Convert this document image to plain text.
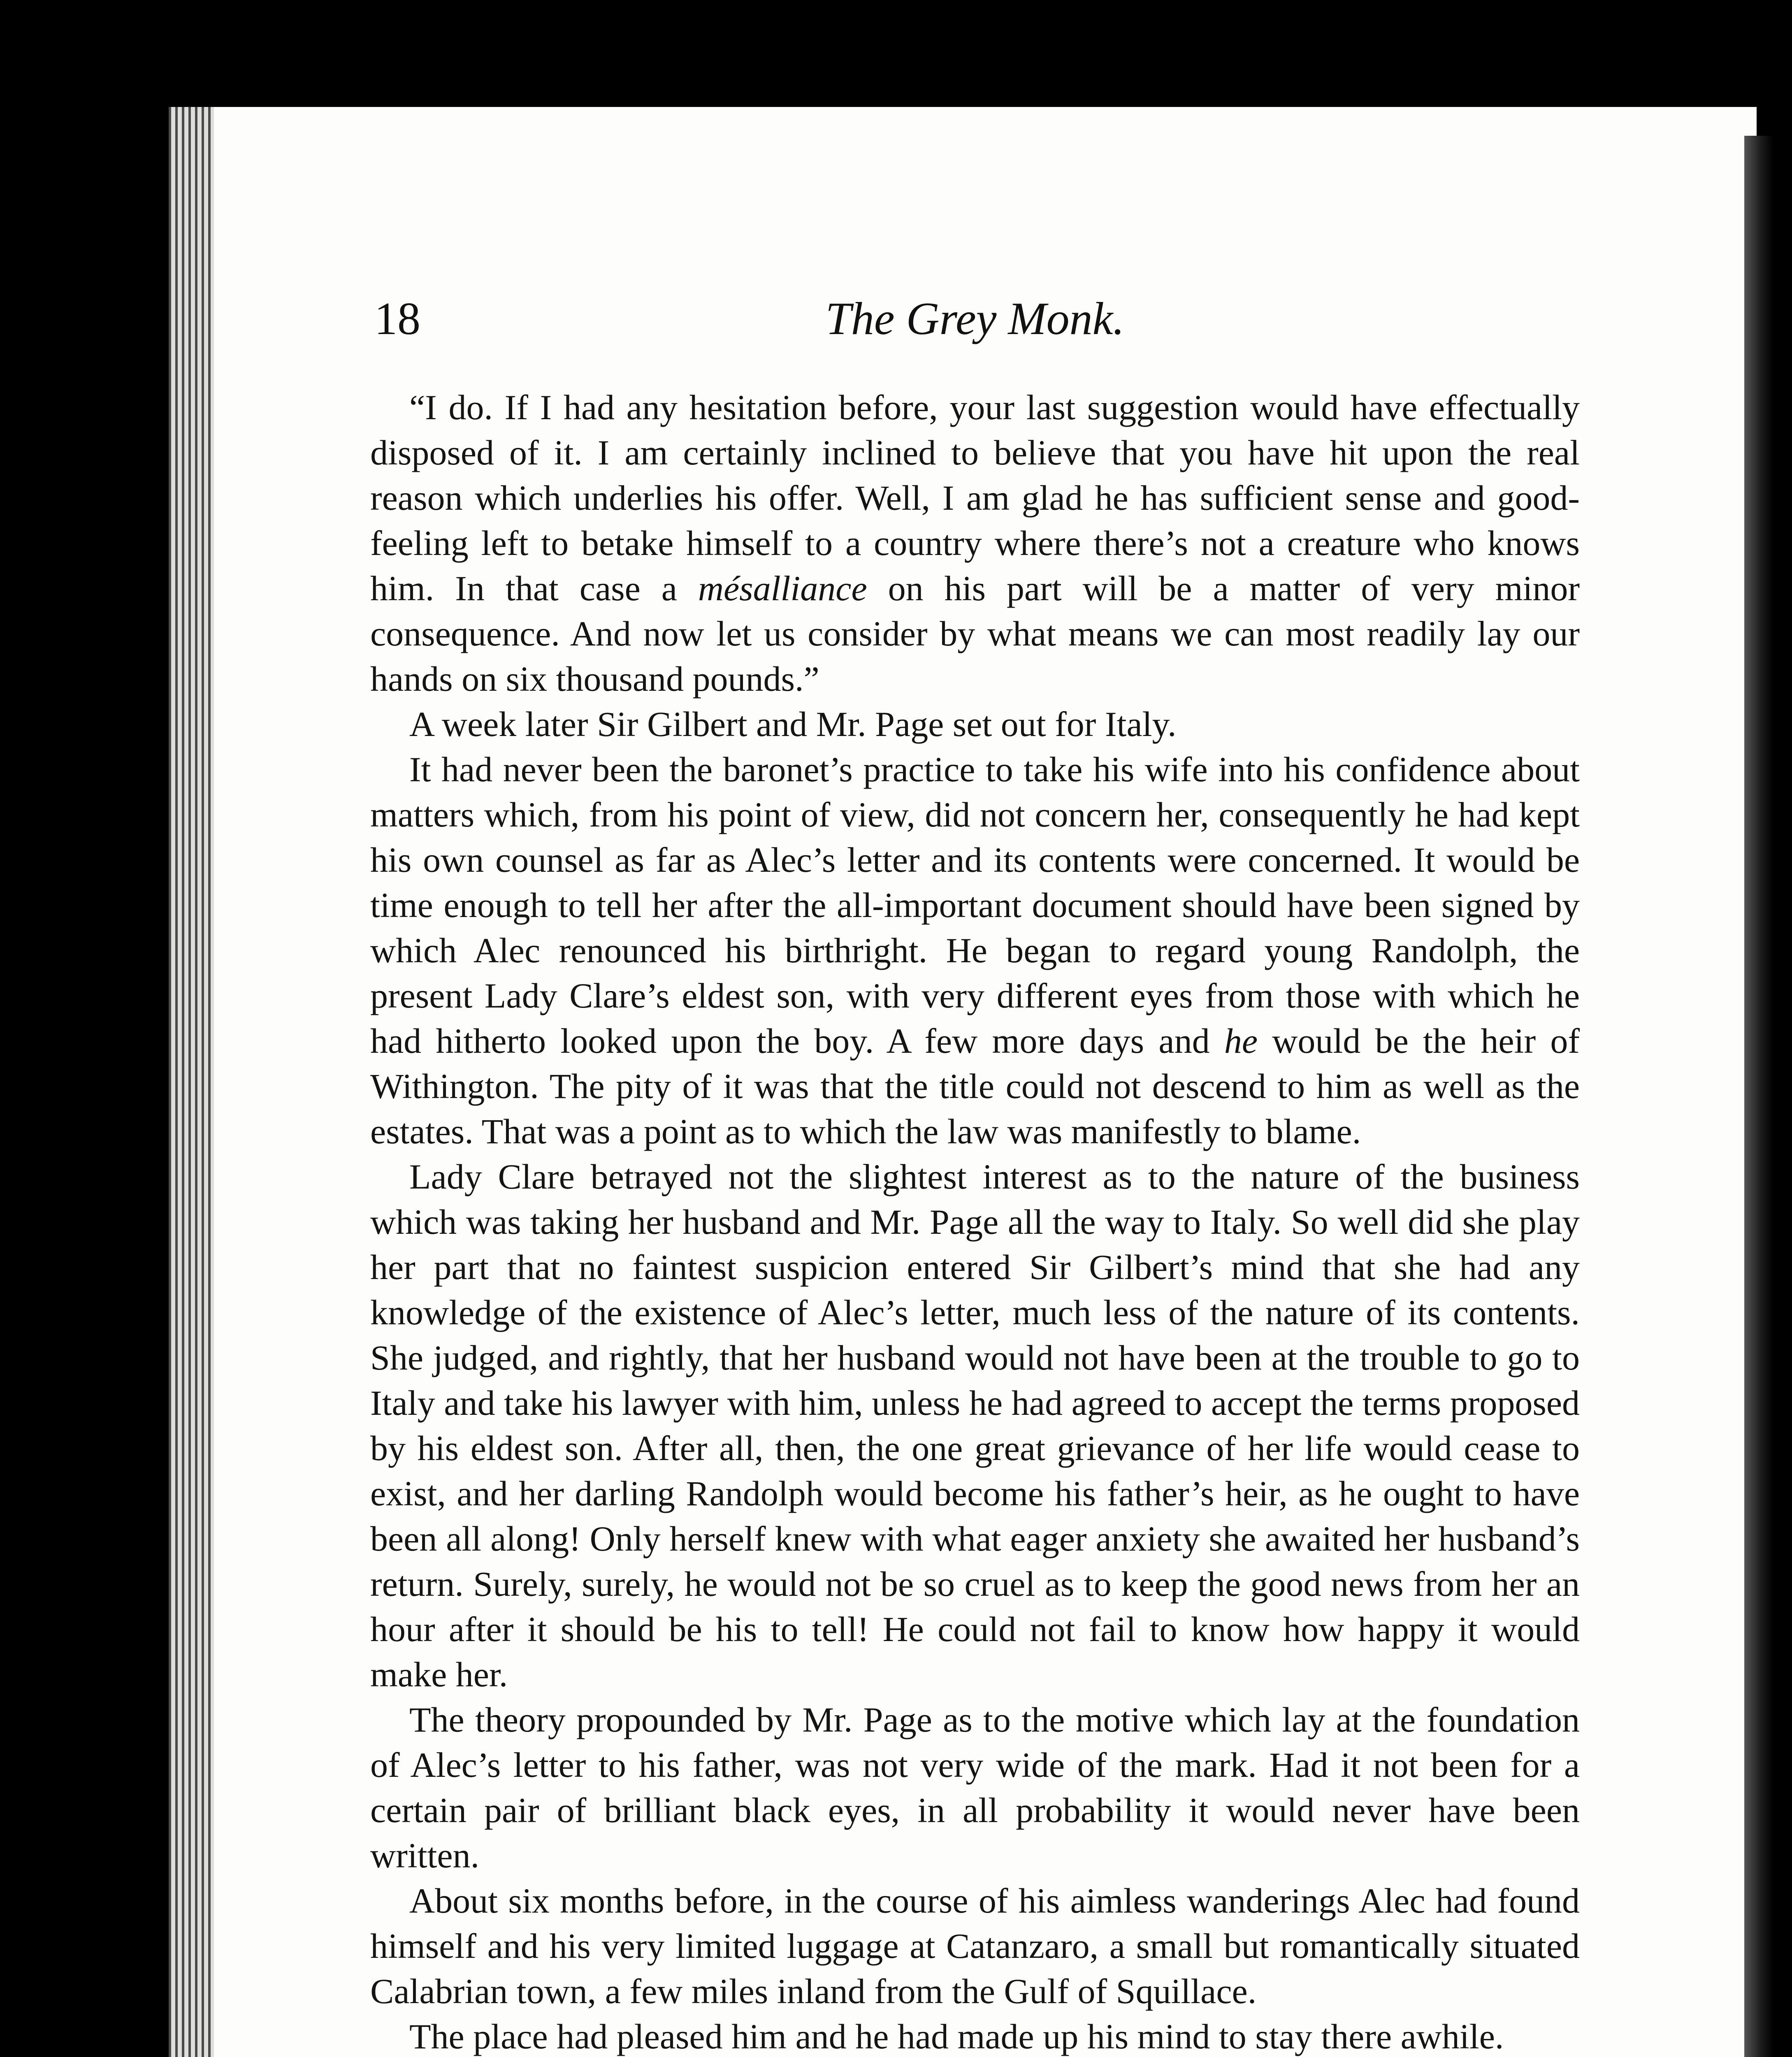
18	The Grey Monk.

“I do. If I had any hesitation before, your last suggestion would have effectually disposed of it. I am certainly inclined to believe that you have hit upon the real reason which underlies his offer. Well, I am glad he has sufficient sense and good-feeling left to betake himself to a country where there’s not a creature who knows him. In that case a mésalliance on his part will be a matter of very minor consequence. And now let us consider by what means we can most readily lay our hands on six thousand pounds.”

A week later Sir Gilbert and Mr. Page set out for Italy.

It had never been the baronet’s practice to take his wife into his confidence about matters which, from his point of view, did not concern her, consequently he had kept his own counsel as far as Alec’s letter and its contents were concerned. It would be time enough to tell her after the all-important document should have been signed by which Alec renounced his birthright. He began to regard young Randolph, the present Lady Clare’s eldest son, with very different eyes from those with which he had hitherto looked upon the boy. A few more days and he would be the heir of Withington. The pity of it was that the title could not descend to him as well as the estates. That was a point as to which the law was manifestly to blame.

Lady Clare betrayed not the slightest interest as to the nature of the business which was taking her husband and Mr. Page all the way to Italy. So well did she play her part that no faintest suspicion entered Sir Gilbert’s mind that she had any knowledge of the existence of Alec’s letter, much less of the nature of its contents. She judged, and rightly, that her husband would not have been at the trouble to go to Italy and take his lawyer with him, unless he had agreed to accept the terms proposed by his eldest son. After all, then, the one great grievance of her life would cease to exist, and her darling Randolph would become his father’s heir, as he ought to have been all along! Only herself knew with what eager anxiety she awaited her husband’s return. Surely, surely, he would not be so cruel as to keep the good news from her an hour after it should be his to tell! He could not fail to know how happy it would make her.

The theory propounded by Mr. Page as to the motive which lay at the foundation of Alec’s letter to his father, was not very wide of the mark. Had it not been for a certain pair of brilliant black eyes, in all probability it would never have been written.

About six months before, in the course of his aimless wanderings Alec had found himself and his very limited luggage at Catanzaro, a small but romantically situated Calabrian town, a few miles inland from the Gulf of Squillace.

The place had pleased him and he had made up his mind to stay there awhile.
